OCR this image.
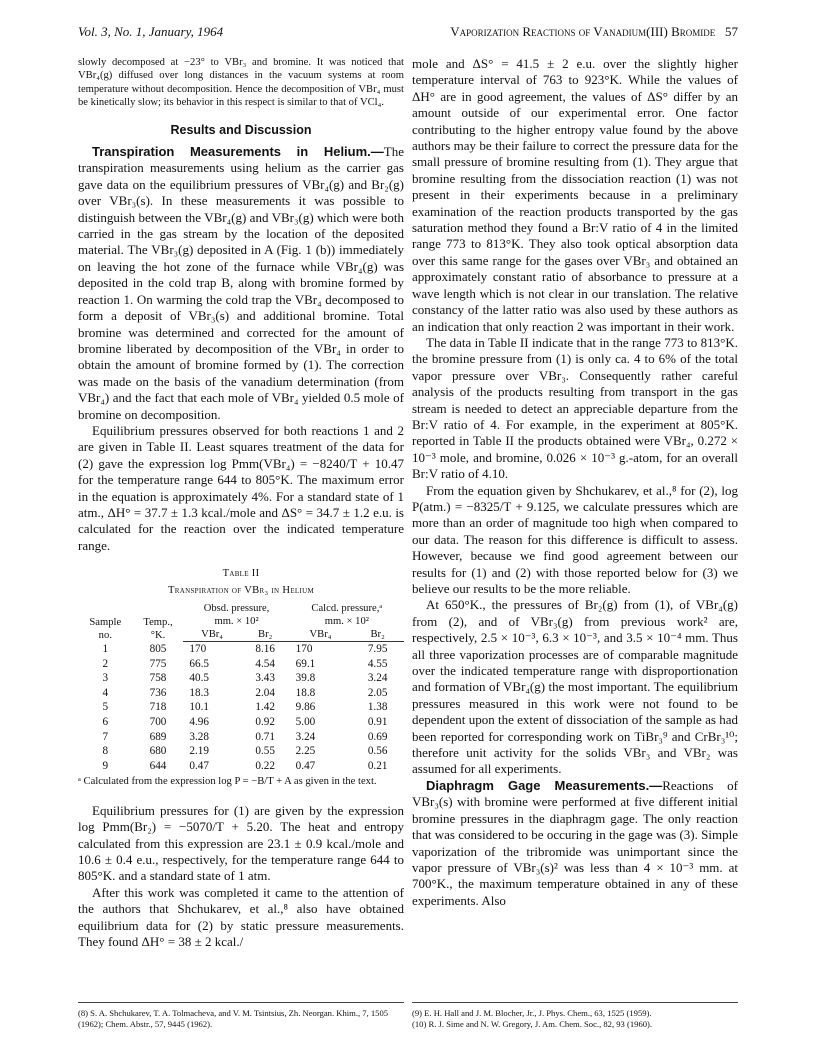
Vol. 3, No. 1, January, 1964	Vaporization Reactions of Vanadium(III) Bromide 57

slowly decomposed at −23° to VBr₃ and bromine. It was noticed that VBr₄(g) diffused over long distances in the vacuum systems at room temperature without decomposition. Hence the decomposition of VBr₄ must be kinetically slow; its behavior in this respect is similar to that of VCl₄.

Results and Discussion

Transpiration Measurements in Helium.—The transpiration measurements using helium as the carrier gas gave data on the equilibrium pressures of VBr₄(g) and Br₂(g) over VBr₃(s). In these measurements it was possible to distinguish between the VBr₄(g) and VBr₃(g) which were both carried in the gas stream by the location of the deposited material. The VBr₃(g) deposited in A (Fig. 1 (b)) immediately on leaving the hot zone of the furnace while VBr₄(g) was deposited in the cold trap B, along with bromine formed by reaction 1. On warming the cold trap the VBr₄ decomposed to form a deposit of VBr₃(s) and additional bromine. Total bromine was determined and corrected for the amount of bromine liberated by decomposition of the VBr₄ in order to obtain the amount of bromine formed by (1). The correction was made on the basis of the vanadium determination (from VBr₄) and the fact that each mole of VBr₄ yielded 0.5 mole of bromine on decomposition.

Equilibrium pressures observed for both reactions 1 and 2 are given in Table II. Least squares treatment of the data for (2) gave the expression log Pmm(VBr₄) = −8240/T + 10.47 for the temperature range 644 to 805°K. The maximum error in the equation is approximately 4%. For a standard state of 1 atm., ΔH° = 37.7 ± 1.3 kcal./mole and ΔS° = 34.7 ± 1.2 e.u. is calculated for the reaction over the indicated temperature range.

Table II
Transpiration of VBr₃ in Helium
Sample
no.	Temp.,
°K.	Obsd. pressure,
mm. × 10²		Calcd. pressure,ᵃ
mm. × 10²	
		VBr₄	Br₂	VBr₄	Br₂
1	805	170	8.16	170	7.95
2	775	66.5	4.54	69.1	4.55
3	758	40.5	3.43	39.8	3.24
4	736	18.3	2.04	18.8	2.05
5	718	10.1	1.42	9.86	1.38
6	700	4.96	0.92	5.00	0.91
7	689	3.28	0.71	3.24	0.69
8	680	2.19	0.55	2.25	0.56
9	644	0.47	0.22	0.47	0.21
ᵃ Calculated from the expression log P = −B/T + A as given in the text.

Equilibrium pressures for (1) are given by the expression log Pmm(Br₂) = −5070/T + 5.20. The heat and entropy calculated from this expression are 23.1 ± 0.9 kcal./mole and 10.6 ± 0.4 e.u., respectively, for the temperature range 644 to 805°K. and a standard state of 1 atm.

After this work was completed it came to the attention of the authors that Shchukarev, et al.,⁸ also have obtained equilibrium data for (2) by static pressure measurements. They found ΔH° = 38 ± 2 kcal./

mole and ΔS° = 41.5 ± 2 e.u. over the slightly higher temperature interval of 763 to 923°K. While the values of ΔH° are in good agreement, the values of ΔS° differ by an amount outside of our experimental error. One factor contributing to the higher entropy value found by the above authors may be their failure to correct the pressure data for the small pressure of bromine resulting from (1). They argue that bromine resulting from the dissociation reaction (1) was not present in their experiments because in a preliminary examination of the reaction products transported by the gas saturation method they found a Br:V ratio of 4 in the limited range 773 to 813°K. They also took optical absorption data over this same range for the gases over VBr₃ and obtained an approximately constant ratio of absorbance to pressure at a wave length which is not clear in our translation. The relative constancy of the latter ratio was also used by these authors as an indication that only reaction 2 was important in their work.

The data in Table II indicate that in the range 773 to 813°K. the bromine pressure from (1) is only ca. 4 to 6% of the total vapor pressure over VBr₃. Consequently rather careful analysis of the products resulting from transport in the gas stream is needed to detect an appreciable departure from the Br:V ratio of 4. For example, in the experiment at 805°K. reported in Table II the products obtained were VBr₄, 0.272 × 10⁻³ mole, and bromine, 0.026 × 10⁻³ g.-atom, for an overall Br:V ratio of 4.10.

From the equation given by Shchukarev, et al.,⁸ for (2), log P(atm.) = −8325/T + 9.125, we calculate pressures which are more than an order of magnitude too high when compared to our data. The reason for this difference is difficult to assess. However, because we find good agreement between our results for (1) and (2) with those reported below for (3) we believe our results to be the more reliable.

At 650°K., the pressures of Br₂(g) from (1), of VBr₄(g) from (2), and of VBr₃(g) from previous work² are, respectively, 2.5 × 10⁻³, 6.3 × 10⁻³, and 3.5 × 10⁻⁴ mm. Thus all three vaporization processes are of comparable magnitude over the indicated temperature range with disproportionation and formation of VBr₄(g) the most important. The equilibrium pressures measured in this work were not found to be dependent upon the extent of dissociation of the sample as had been reported for corresponding work on TiBr₃⁹ and CrBr₃¹⁰; therefore unit activity for the solids VBr₃ and VBr₂ was assumed for all experiments.

Diaphragm Gage Measurements.—Reactions of VBr₃(s) with bromine were performed at five different initial bromine pressures in the diaphragm gage. The only reaction that was considered to be occuring in the gage was (3). Simple vaporization of the tribromide was unimportant since the vapor pressure of VBr₃(s)² was less than 4 × 10⁻³ mm. at 700°K., the maximum temperature obtained in any of these experiments. Also

(8) S. A. Shchukarev, T. A. Tolmacheva, and V. M. Tsintsius, Zh. Neorgan. Khim., 7, 1505 (1962); Chem. Abstr., 57, 9445 (1962).
(9) E. H. Hall and J. M. Blocher, Jr., J. Phys. Chem., 63, 1525 (1959).
(10) R. J. Sime and N. W. Gregory, J. Am. Chem. Soc., 82, 93 (1960).
